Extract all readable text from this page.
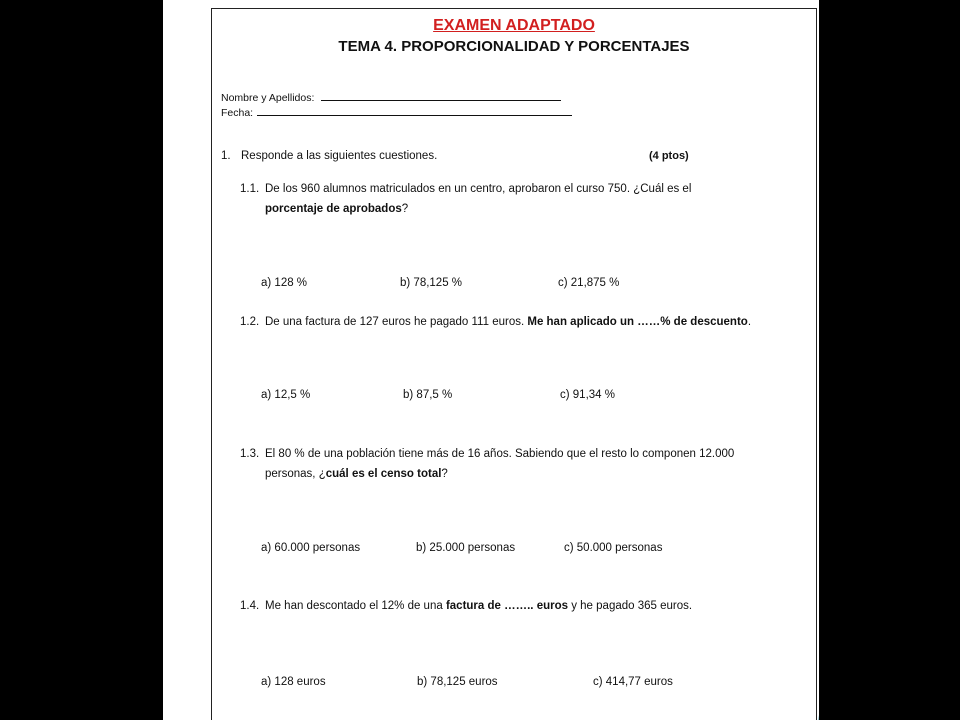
EXAMEN ADAPTADO
TEMA 4. PROPORCIONALIDAD Y PORCENTAJES
Nombre y Apellidos:
Fecha:
1. Responde a las siguientes cuestiones.	(4 ptos)
1.1. De los 960 alumnos matriculados en un centro, aprobaron el curso 750. ¿Cuál es el
porcentaje de aprobados?
a) 128 %	b) 78,125 %	c) 21,875 %
1.2. De una factura de 127 euros he pagado 111 euros. Me han aplicado un ……% de descuento.
a) 12,5 %	b) 87,5 %	c) 91,34 %
1.3. El 80 % de una población tiene más de 16 años. Sabiendo que el resto lo componen 12.000
personas, ¿cuál es el censo total?
a) 60.000 personas	b) 25.000 personas	c) 50.000 personas
1.4. Me han descontado el 12% de una factura de …….. euros y he pagado 365 euros.
a) 128 euros	b) 78,125 euros	c) 414,77 euros
